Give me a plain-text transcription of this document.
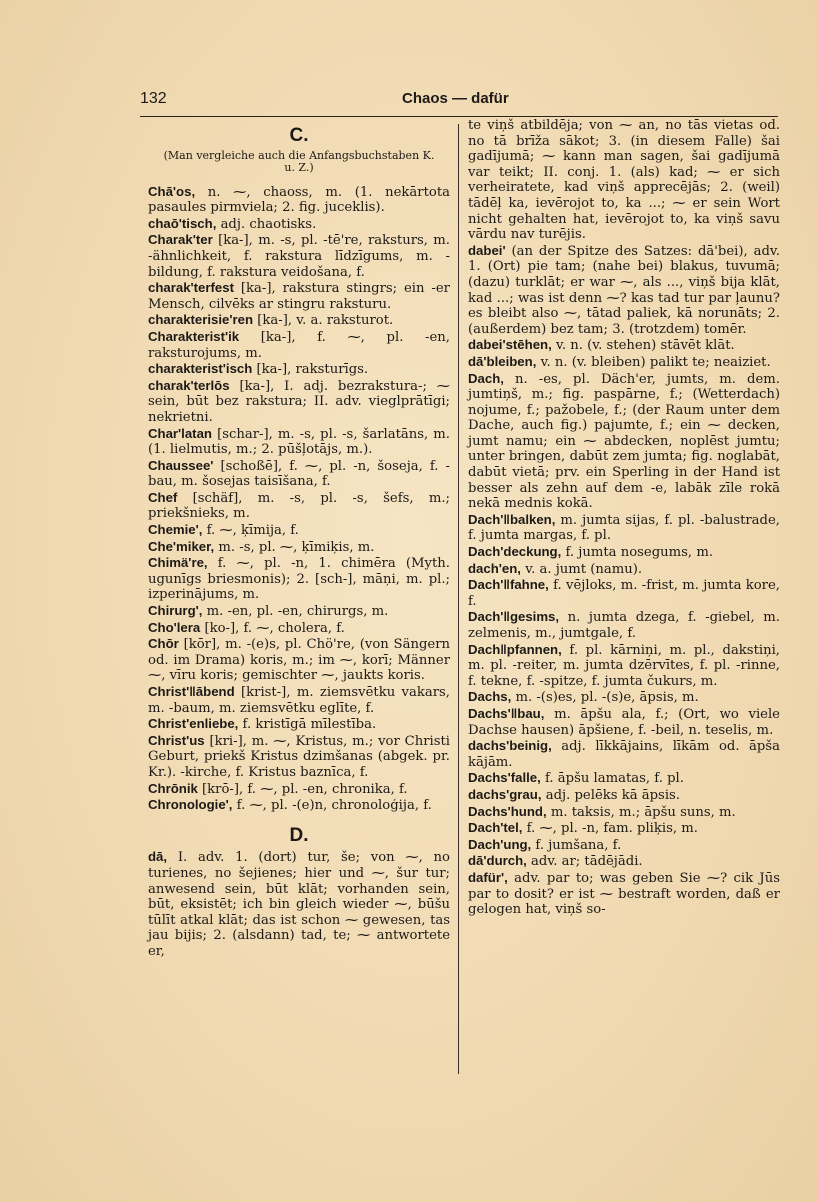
132	Chaos — dafür
C.
(Man vergleiche auch die Anfangsbuchstaben K. u. Z.)

Chā'os, n. ⁓, chaoss, m. (1. nekārtota pasaules pirmviela; 2. fig. juceklis).

chaō'tisch, adj. chaotisks.

Charak'ter [ka-], m. -s, pl. -tē're, raksturs, m. -ähnlichkeit, f. rakstura līdzīgums, m. -bildung, f. rakstura veidošana, f.

charak'terfest [ka-], rakstura stingrs; ein -er Mensch, cilvēks ar stingru raksturu.

charakterisie'ren [ka-], v. a. raksturot.

Charakterist'ik [ka-], f. ⁓, pl. -en, raksturojums, m.

charakterist'isch [ka-], raksturīgs.

charak'terlōs [ka-], I. adj. bezrakstura-; ⁓ sein, būt bez rakstura; II. adv. vieglprātīgi; nekrietni.

Char'latan [schar-], m. -s, pl. -s, šarlatāns, m. (1. lielmutis, m.; 2. pūšļotājs, m.).

Chaussee' [schoßē], f. ⁓, pl. -n, šoseja, f. -bau, m. šosejas taisīšana, f.

Chef [schäf], m. -s, pl. -s, šefs, m.; priekšnieks, m.

Chemie', f. ⁓, ķīmija, f.

Che'miker, m. -s, pl. ⁓, ķīmiķis, m.

Chimä're, f. ⁓, pl. -n, 1. chimēra (Myth. ugunīgs briesmonis); 2. [sch-], māņi, m. pl.; izperinājums, m.

Chirurg', m. -en, pl. -en, chirurgs, m.

Cho'lera [ko-], f. ⁓, cholera, f.

Chōr [kōr], m. -(e)s, pl. Chö're, (von Sängern od. im Drama) koris, m.; im ⁓, korī; Männer ⁓, vīru koris; gemischter ⁓, jaukts koris.

Christ'‖ābend [krist-], m. ziemsvētku vakars, m. -baum, m. ziemsvētku eglīte, f.

Christ'enliebe, f. kristīgā mīlestība.

Christ'us [kri-], m. ⁓, Kristus, m.; vor Christi Geburt, priekš Kristus dzimšanas (abgek. pr. Kr.). -kirche, f. Kristus baznīca, f.

Chrōnik [krō-], f. ⁓, pl. -en, chronika, f.

Chronologie', f. ⁓, pl. -(e)n, chronoloģija, f.

D.

dā, I. adv. 1. (dort) tur, še; von ⁓, no turienes, no šejienes; hier und ⁓, šur tur; anwesend sein, būt klāt; vorhanden sein, būt, eksistēt; ich bin gleich wieder ⁓, būšu tūlīt atkal klāt; das ist schon ⁓ gewesen, tas jau bijis; 2. (alsdann) tad, te; ⁓ antwortete er,

te viņš atbildēja; von ⁓ an, no tās vietas od. no tā brīža sākot; 3. (in diesem Falle) šai gadījumā; ⁓ kann man sagen, šai gadījumā var teikt; II. conj. 1. (als) kad; ⁓ er sich verheiratete, kad viņš apprecējās; 2. (weil) tādēļ ka, ievērojot to, ka ...; ⁓ er sein Wort nicht gehalten hat, ievērojot to, ka viņš savu vārdu nav turējis.

dabei' (an der Spitze des Satzes: dā'bei), adv. 1. (Ort) pie tam; (nahe bei) blakus, tuvumā; (dazu) turklāt; er war ⁓, als ..., viņš bija klāt, kad ...; was ist denn ⁓? kas tad tur par ļaunu? es bleibt also ⁓, tātad paliek, kā norunāts; 2. (außerdem) bez tam; 3. (trotzdem) tomēr.

dabei'stēhen, v. n. (v. stehen) stāvēt klāt.

dā'bleiben, v. n. (v. bleiben) palikt te; neaiziet.

Dach, n. -es, pl. Däch'er, jumts, m. dem. jumtiņš, m.; fig. paspārne, f.; (Wetterdach) nojume, f.; pažobele, f.; (der Raum unter dem Dache, auch fig.) pajumte, f.; ein ⁓ decken, jumt namu; ein ⁓ abdecken, noplēst jumtu; unter bringen, dabūt zem jumta; fig. noglabāt, dabūt vietā; prv. ein Sperling in der Hand ist besser als zehn auf dem -e, labāk zīle rokā nekā mednis kokā.

Dach'‖balken, m. jumta sijas, f. pl. -balustrade, f. jumta margas, f. pl.

Dach'deckung, f. jumta nosegums, m.

dach'en, v. a. jumt (namu).

Dach'‖fahne, f. vējloks, m. -frist, m. jumta kore, f.

Dach'‖gesims, n. jumta dzega, f. -giebel, m. zelmenis, m., jumtgale, f.

Dach‖pfannen, f. pl. kārniņi, m. pl., dakstiņi, m. pl. -reiter, m. jumta dzērvītes, f. pl. -rinne, f. tekne, f. -spitze, f. jumta čukurs, m.

Dachs, m. -(s)es, pl. -(s)e, āpsis, m.

Dachs'‖bau, m. āpšu ala, f.; (Ort, wo viele Dachse hausen) āpšiene, f. -beil, n. teselis, m.

dachs'beinig, adj. līkkājains, līkām od. āpša kājām.

Dachs'falle, f. āpšu lamatas, f. pl.

dachs'grau, adj. pelēks kā āpsis.

Dachs'hund, m. taksis, m.; āpšu suns, m.

Dach'tel, f. ⁓, pl. -n, fam. pliķis, m.

Dach'ung, f. jumšana, f.

dā'durch, adv. ar; tādējādi.

dafür', adv. par to; was geben Sie ⁓? cik Jūs par to dosit? er ist ⁓ bestraft worden, daß er gelogen hat, viņš so-
